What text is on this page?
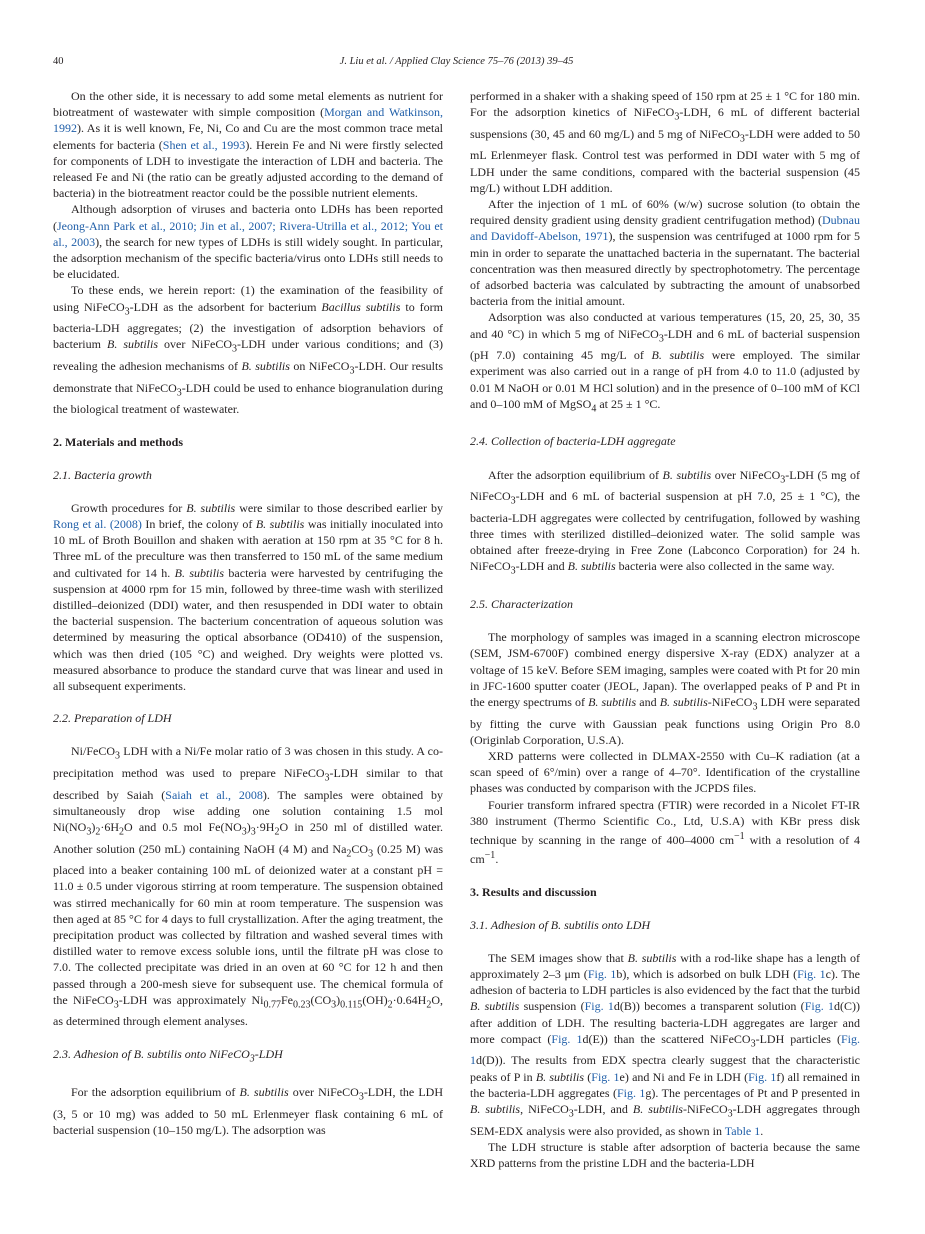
40	J. Liu et al. / Applied Clay Science 75–76 (2013) 39–45

On the other side, it is necessary to add some metal elements as nutrient for biotreatment of wastewater with simple composition (Morgan and Watkinson, 1992). As it is well known, Fe, Ni, Co and Cu are the most common trace metal elements for bacteria (Shen et al., 1993). Herein Fe and Ni were firstly selected for components of LDH to investigate the interaction of LDH and bacteria. The released Fe and Ni (the ratio can be greatly adjusted according to the demand of bacteria) in the biotreatment reactor could be the possible nutrient elements.

Although adsorption of viruses and bacteria onto LDHs has been reported (Jeong-Ann Park et al., 2010; Jin et al., 2007; Rivera-Utrilla et al., 2012; You et al., 2003), the search for new types of LDHs is still widely sought. In particular, the adsorption mechanism of the specific bacteria/virus onto LDHs still needs to be elucidated.

To these ends, we herein report: (1) the examination of the feasibility of using NiFeCO$_3$-LDH as the adsorbent for bacterium Bacillus subtilis to form bacteria-LDH aggregates; (2) the investigation of adsorption behaviors of bacterium B. subtilis over NiFeCO$_3$-LDH under various conditions; and (3) revealing the adhesion mechanisms of B. subtilis on NiFeCO$_3$-LDH. Our results demonstrate that NiFeCO$_3$-LDH could be used to enhance biogranulation during the biological treatment of wastewater.

2. Materials and methods
2.1. Bacteria growth

Growth procedures for B. subtilis were similar to those described earlier by Rong et al. (2008) In brief, the colony of B. subtilis was initially inoculated into 10 mL of Broth Bouillon and shaken with aeration at 150 rpm at 35 °C for 8 h. Three mL of the preculture was then transferred to 150 mL of the same medium and cultivated for 14 h. B. subtilis bacteria were harvested by centrifuging the suspension at 4000 rpm for 15 min, followed by three-time wash with sterilized distilled–deionized (DDI) water, and then resuspended in DDI water to obtain the bacterial suspension. The bacterium concentration of aqueous solution was determined by measuring the optical absorbance (OD410) of the suspension, which was then dried (105 °C) and weighed. Dry weights were plotted vs. measured absorbance to produce the standard curve that was linear and used in all subsequent experiments.

2.2. Preparation of LDH

Ni/FeCO$_3$ LDH with a Ni/Fe molar ratio of 3 was chosen in this study. A co-precipitation method was used to prepare NiFeCO$_3$-LDH similar to that described by Saiah (Saiah et al., 2008). The samples were obtained by simultaneously drop wise adding one solution containing 1.5 mol $Ni(NO_3)_2\cdot 6H_2O$ and 0.5 mol $Fe(NO_3)_3\cdot 9H_2O$ in 250 ml of distilled water. Another solution (250 mL) containing NaOH (4 M) and $Na_2CO_3$ (0.25 M) was placed into a beaker containing 100 mL of deionized water at a constant pH = 11.0 ± 0.5 under vigorous stirring at room temperature. The suspension obtained was stirred mechanically for 60 min at room temperature. The suspension was then aged at 85 °C for 4 days to full crystallization. After the aging treatment, the precipitation product was collected by filtration and washed several times with distilled water to remove excess soluble ions, until the filtrate pH was close to 7.0. The collected precipitate was dried in an oven at 60 °C for 12 h and then passed through a 200-mesh sieve for subsequent use. The chemical formula of the NiFeCO$_3$-LDH was approximately $Ni_{0.77}Fe_{0.23}(CO_3)_{0.115}(OH)_2\cdot 0.64H_2O$, as determined through element analyses.

2.3. Adhesion of B. subtilis onto NiFeCO$_3$-LDH

For the adsorption equilibrium of B. subtilis over NiFeCO$_3$-LDH, the LDH (3, 5 or 10 mg) was added to 50 mL Erlenmeyer flask containing 6 mL of bacterial suspension (10–150 mg/L). The adsorption was

performed in a shaker with a shaking speed of 150 rpm at 25 ± 1 °C for 180 min. For the adsorption kinetics of NiFeCO$_3$-LDH, 6 mL of different bacterial suspensions (30, 45 and 60 mg/L) and 5 mg of NiFeCO$_3$-LDH were added to 50 mL Erlenmeyer flask. Control test was performed in DDI water with 5 mg of LDH under the same conditions, compared with the bacterial suspension (45 mg/L) without LDH addition.

After the injection of 1 mL of 60% (w/w) sucrose solution (to obtain the required density gradient using density gradient centrifugation method) (Dubnau and Davidoff-Abelson, 1971), the suspension was centrifuged at 1000 rpm for 5 min in order to separate the unattached bacteria in the supernatant. The bacterial concentration was then measured directly by spectrophotometry. The percentage of adsorbed bacteria was calculated by subtracting the amount of unabsorbed bacteria from the initial amount.

Adsorption was also conducted at various temperatures (15, 20, 25, 30, 35 and 40 °C) in which 5 mg of NiFeCO$_3$-LDH and 6 mL of bacterial suspension (pH 7.0) containing 45 mg/L of B. subtilis were employed. The similar experiment was also carried out in a range of pH from 4.0 to 11.0 (adjusted by 0.01 M NaOH or 0.01 M HCl solution) and in the presence of 0–100 mM of KCl and 0–100 mM of MgSO$_4$ at 25 ± 1 °C.

2.4. Collection of bacteria-LDH aggregate

After the adsorption equilibrium of B. subtilis over NiFeCO$_3$-LDH (5 mg of NiFeCO$_3$-LDH and 6 mL of bacterial suspension at pH 7.0, 25 ± 1 °C), the bacteria-LDH aggregates were collected by centrifugation, followed by washing three times with sterilized distilled–deionized water. The solid sample was obtained after freeze-drying in Free Zone (Labconco Corporation) for 24 h. NiFeCO$_3$-LDH and B. subtilis bacteria were also collected in the same way.

2.5. Characterization

The morphology of samples was imaged in a scanning electron microscope (SEM, JSM-6700F) combined energy dispersive X-ray (EDX) analyzer at a voltage of 15 keV. Before SEM imaging, samples were coated with Pt for 20 min in JFC-1600 sputter coater (JEOL, Japan). The overlapped peaks of P and Pt in the energy spectrums of B. subtilis and B. subtilis-NiFeCO$_3$ LDH were separated by fitting the curve with Gaussian peak functions using Origin Pro 8.0 (Originlab Corporation, U.S.A).

XRD patterns were collected in DLMAX-2550 with Cu–K radiation (at a scan speed of 6°/min) over a range of 4–70°. Identification of the crystalline phases was conducted by comparison with the JCPDS files.

Fourier transform infrared spectra (FTIR) were recorded in a Nicolet FT-IR 380 instrument (Thermo Scientific Co., Ltd, U.S.A) with KBr press disk technique by scanning in the range of 400–4000 $cm^{-1}$ with a resolution of 4 $cm^{-1}$.

3. Results and discussion
3.1. Adhesion of B. subtilis onto LDH

The SEM images show that B. subtilis with a rod-like shape has a length of approximately 2–3 μm (Fig. 1b), which is adsorbed on bulk LDH (Fig. 1c). The adhesion of bacteria to LDH particles is also evidenced by the fact that the turbid B. subtilis suspension (Fig. 1d(B)) becomes a transparent solution (Fig. 1d(C)) after addition of LDH. The resulting bacteria-LDH aggregates are larger and more compact (Fig. 1d(E)) than the scattered NiFeCO$_3$-LDH particles (Fig. 1d(D)). The results from EDX spectra clearly suggest that the characteristic peaks of P in B. subtilis (Fig. 1e) and Ni and Fe in LDH (Fig. 1f) all remained in the bacteria-LDH aggregates (Fig. 1g). The percentages of Pt and P presented in B. subtilis, NiFeCO$_3$-LDH, and B. subtilis-NiFeCO$_3$-LDH aggregates through SEM-EDX analysis were also provided, as shown in Table 1.

The LDH structure is stable after adsorption of bacteria because the same XRD patterns from the pristine LDH and the bacteria-LDH
